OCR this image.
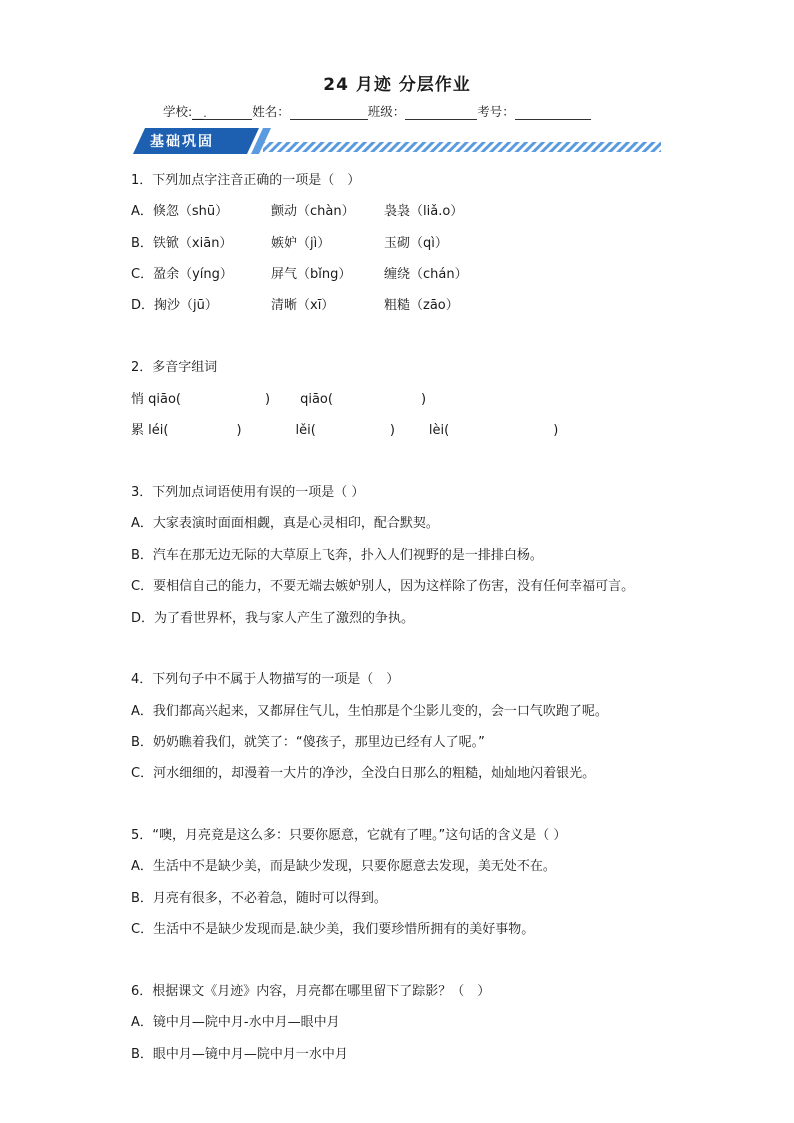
24 月迹 分层作业
学校:__.	姓名：	班级：	考号：
基础巩固
1．下列加点字注音正确的一项是（　）
A．倏忽（shū）	颤动（chàn） 袅袅（liǎ.o）
B．铁锨（xiān）	嫉妒（jì）	玉砌（qì）
C．盈余（yíng）	屏气（bǐng）	缠绕（chán）
D．掬沙（jū）	清晰（xī）	粗糙（zāo）
2．多音字组词
悄 qiāo(	) qiāo(	)
累 léi(	)	lěi(	)	lèi(	)
3．下列加点词语使用有误的一项是（ ）
A．大家表演时面面相觑，真是心灵相印，配合默契。
B．汽车在那无边无际的大草原上飞奔，扑入人们视野的是一排排白杨。
C．要相信自己的能力，不要无端去嫉妒别人，因为这样除了伤害，没有任何幸福可言。
D．为了看世界杯，我与家人产生了激烈的争执。
4．下列句子中不属于人物描写的一项是（　）
A．我们都高兴起来，又都屏住气儿，生怕那是个尘影儿变的，会一口气吹跑了呢。
B．奶奶瞧着我们，就笑了：“傻孩子，那里边已经有人了呢。”
C．河水细细的，却漫着一大片的净沙，全没白日那么的粗糙，灿灿地闪着银光。
5．“噢，月亮竟是这么多：只要你愿意，它就有了哩。”这句话的含义是（ ）
A．生活中不是缺少美，而是缺少发现，只要你愿意去发现，美无处不在。
B．月亮有很多，不必着急，随时可以得到。
C．生活中不是缺少发现而是.缺少美，我们要珍惜所拥有的美好事物。
6．根据课文《月迹》内容，月亮都在哪里留下了踪影？（　）
A．镜中月—院中月-水中月—眼中月
B．眼中月—镜中月—院中月一水中月
